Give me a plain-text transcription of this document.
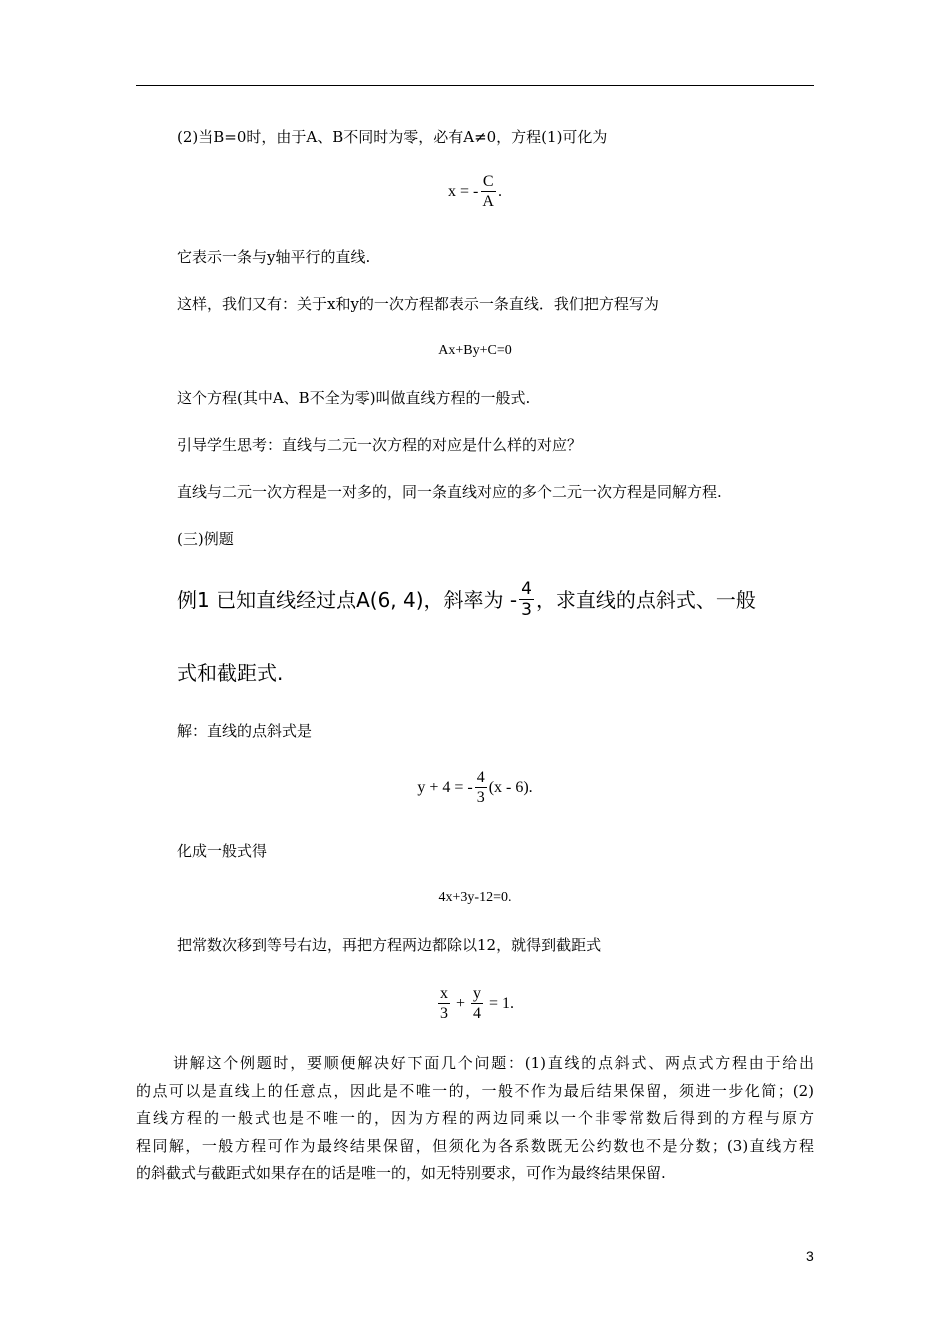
(2)当B=0时，由于A、B不同时为零，必有A≠0，方程(1)可化为
x = - $\frac{C}{A}$ .
它表示一条与y轴平行的直线.
这样，我们又有：关于x和y的一次方程都表示一条直线．我们把方程写为
Ax+By+C=0
这个方程(其中A、B不全为零)叫做直线方程的一般式.
引导学生思考：直线与二元一次方程的对应是什么样的对应？
直线与二元一次方程是一对多的，同一条直线对应的多个二元一次方程是同解方程.
(三)例题
例1 已知直线经过点A(6, 4)，斜率为 - $\frac{4}{3}$ ，求直线的点斜式、一般
式和截距式.
解：直线的点斜式是
y + 4 = - $\frac{4}{3} (x - 6)$.
化成一般式得
4x+3y-12=0.
把常数次移到等号右边，再把方程两边都除以12，就得到截距式
$\frac{x}{3} + \frac{y}{4} = 1$.
讲解这个例题时，要顺便解决好下面几个问题：(1)直线的点斜式、两点式方程由于给出
的点可以是直线上的任意点，因此是不唯一的，一般不作为最后结果保留，须进一步化简；(2)
直线方程的一般式也是不唯一的，因为方程的两边同乘以一个非零常数后得到的方程与原方
程同解，一般方程可作为最终结果保留，但须化为各系数既无公约数也不是分数；(3)直线方程
的斜截式与截距式如果存在的话是唯一的，如无特别要求，可作为最终结果保留.
3
